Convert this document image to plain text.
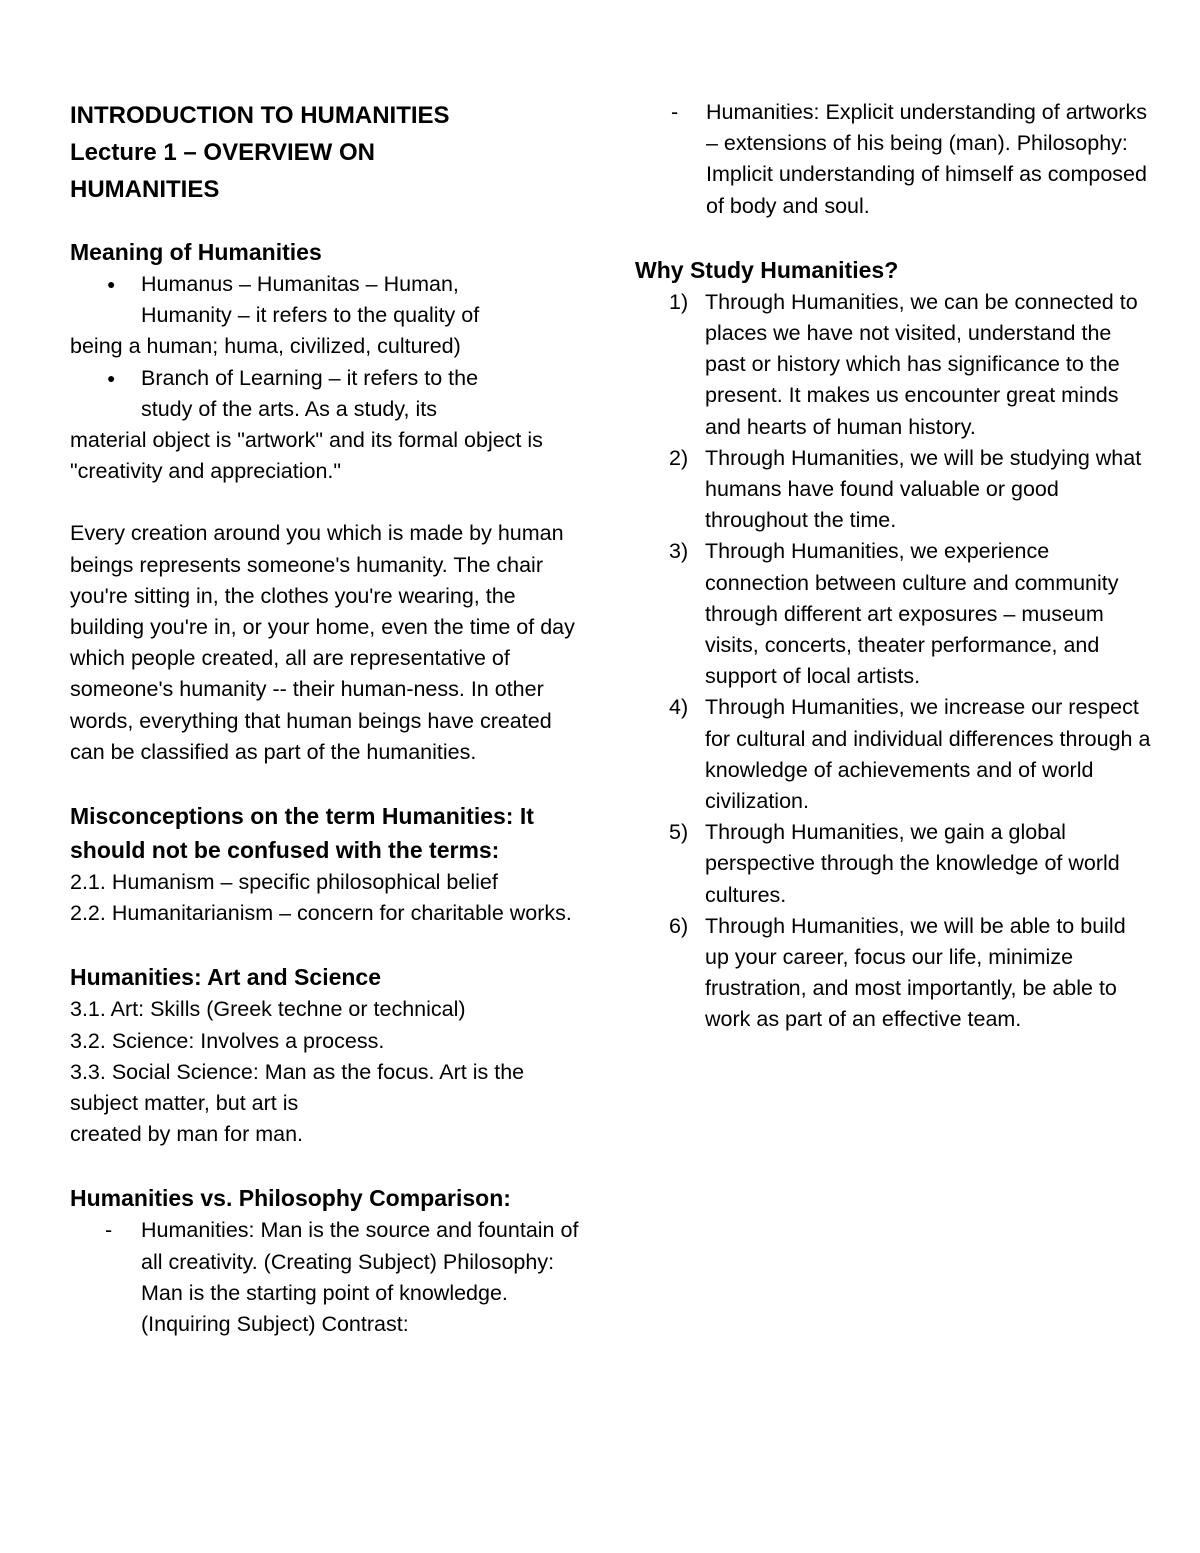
INTRODUCTION TO HUMANITIES
Lecture 1 – OVERVIEW ON
HUMANITIES
Meaning of Humanities
● Humanus – Humanitas – Human,
Humanity – it refers to the quality of
being a human; huma, civilized, cultured)
● Branch of Learning – it refers to the
study of the arts. As a study, its
material object is "artwork" and its formal object is "creativity and appreciation."

Every creation around you which is made by human beings represents someone's humanity. The chair you're sitting in, the clothes you're wearing, the building you're in, or your home, even the time of day which people created, all are representative of someone's humanity -- their human-ness. In other words, everything that human beings have created can be classified as part of the humanities.

Misconceptions on the term Humanities: It should not be confused with the terms:

2.1. Humanism – specific philosophical belief

2.2. Humanitarianism – concern for charitable works.

Humanities: Art and Science

3.1. Art: Skills (Greek techne or technical)

3.2. Science: Involves a process.

3.3. Social Science: Man as the focus. Art is the subject matter, but art is

created by man for man.

Humanities vs. Philosophy Comparison:
- Humanities: Man is the source and fountain of all creativity. (Creating Subject) Philosophy: Man is the starting point of knowledge. (Inquiring Subject) Contrast:
- Humanities: Explicit understanding of artworks – extensions of his being (man). Philosophy: Implicit understanding of himself as composed of body and soul.
Why Study Humanities?
1) Through Humanities, we can be connected to places we have not visited, understand the past or history which has significance to the present. It makes us encounter great minds and hearts of human history.
2) Through Humanities, we will be studying what humans have found valuable or good throughout the time.
3) Through Humanities, we experience connection between culture and community through different art exposures – museum visits, concerts, theater performance, and support of local artists.
4) Through Humanities, we increase our respect for cultural and individual differences through a knowledge of achievements and of world civilization.
5) Through Humanities, we gain a global perspective through the knowledge of world cultures.
6) Through Humanities, we will be able to build up your career, focus our life, minimize frustration, and most importantly, be able to work as part of an effective team.
